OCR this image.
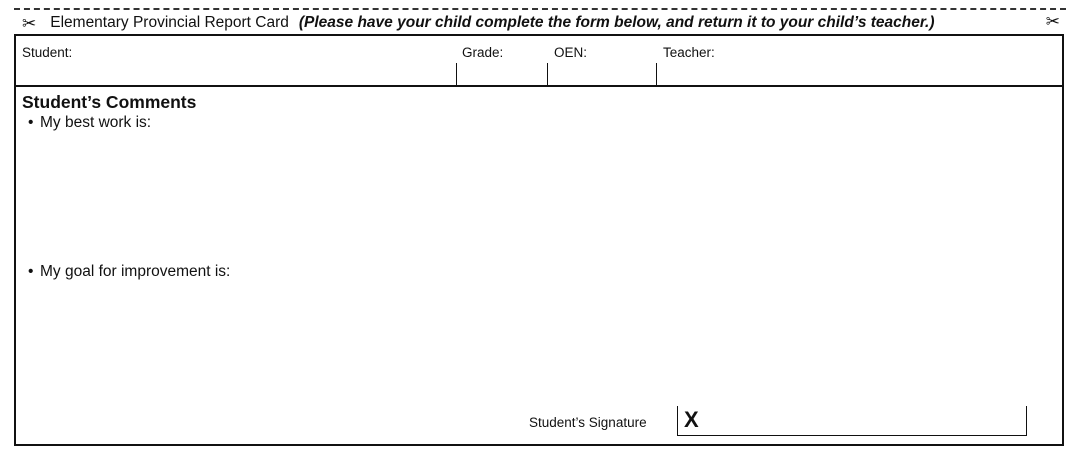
✂ Elementary Provincial Report Card (Please have your child complete the form below, and return it to your child’s teacher.)	✂
Student:	Grade:	OEN:	Teacher:
Student’s Comments
• My best work is:
• My goal for improvement is:
Student’s Signature X
